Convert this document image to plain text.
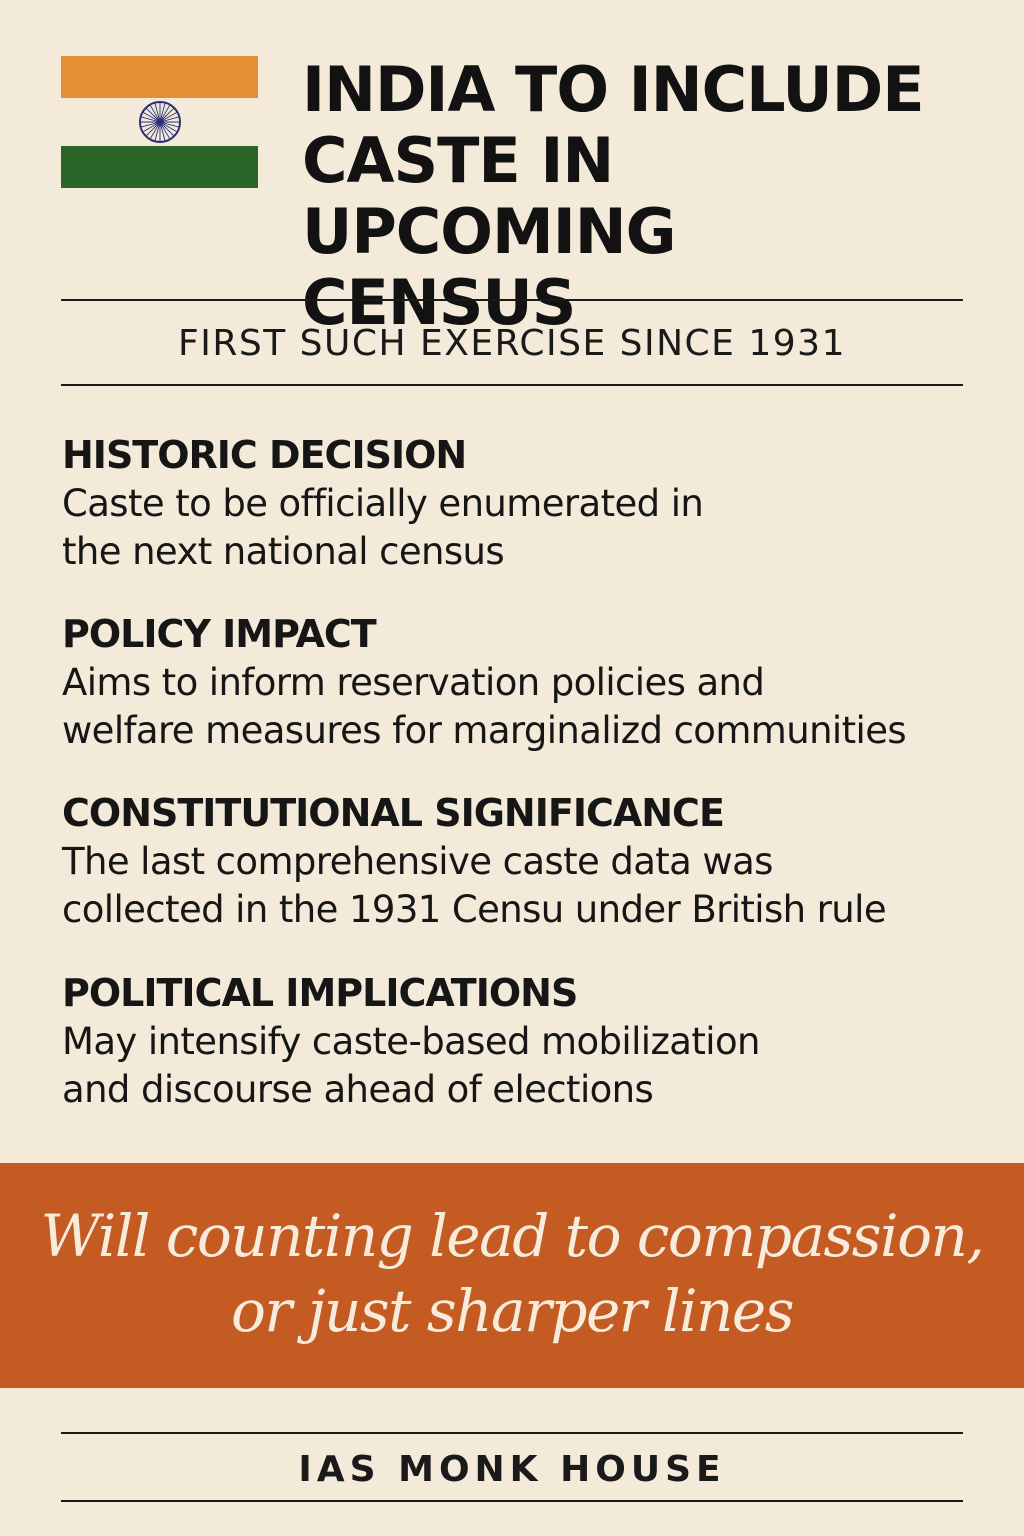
INDIA TO INCLUDE
CASTE IN UPCOMING
CENSUS
FIRST SUCH EXERCISE SINCE 1931
HISTORIC DECISION

Caste to be officially enumerated in

the next national census

POLICY IMPACT

Aims to inform reservation policies and

welfare measures for marginalizd communities

CONSTITUTIONAL SIGNIFICANCE

The last comprehensive caste data was

collected in the 1931 Censu under British rule

POLITICAL IMPLICATIONS

May intensify caste-based mobilization

and discourse ahead of elections

Will counting lead to compassion,
or just sharper lines
IAS MONK HOUSE
